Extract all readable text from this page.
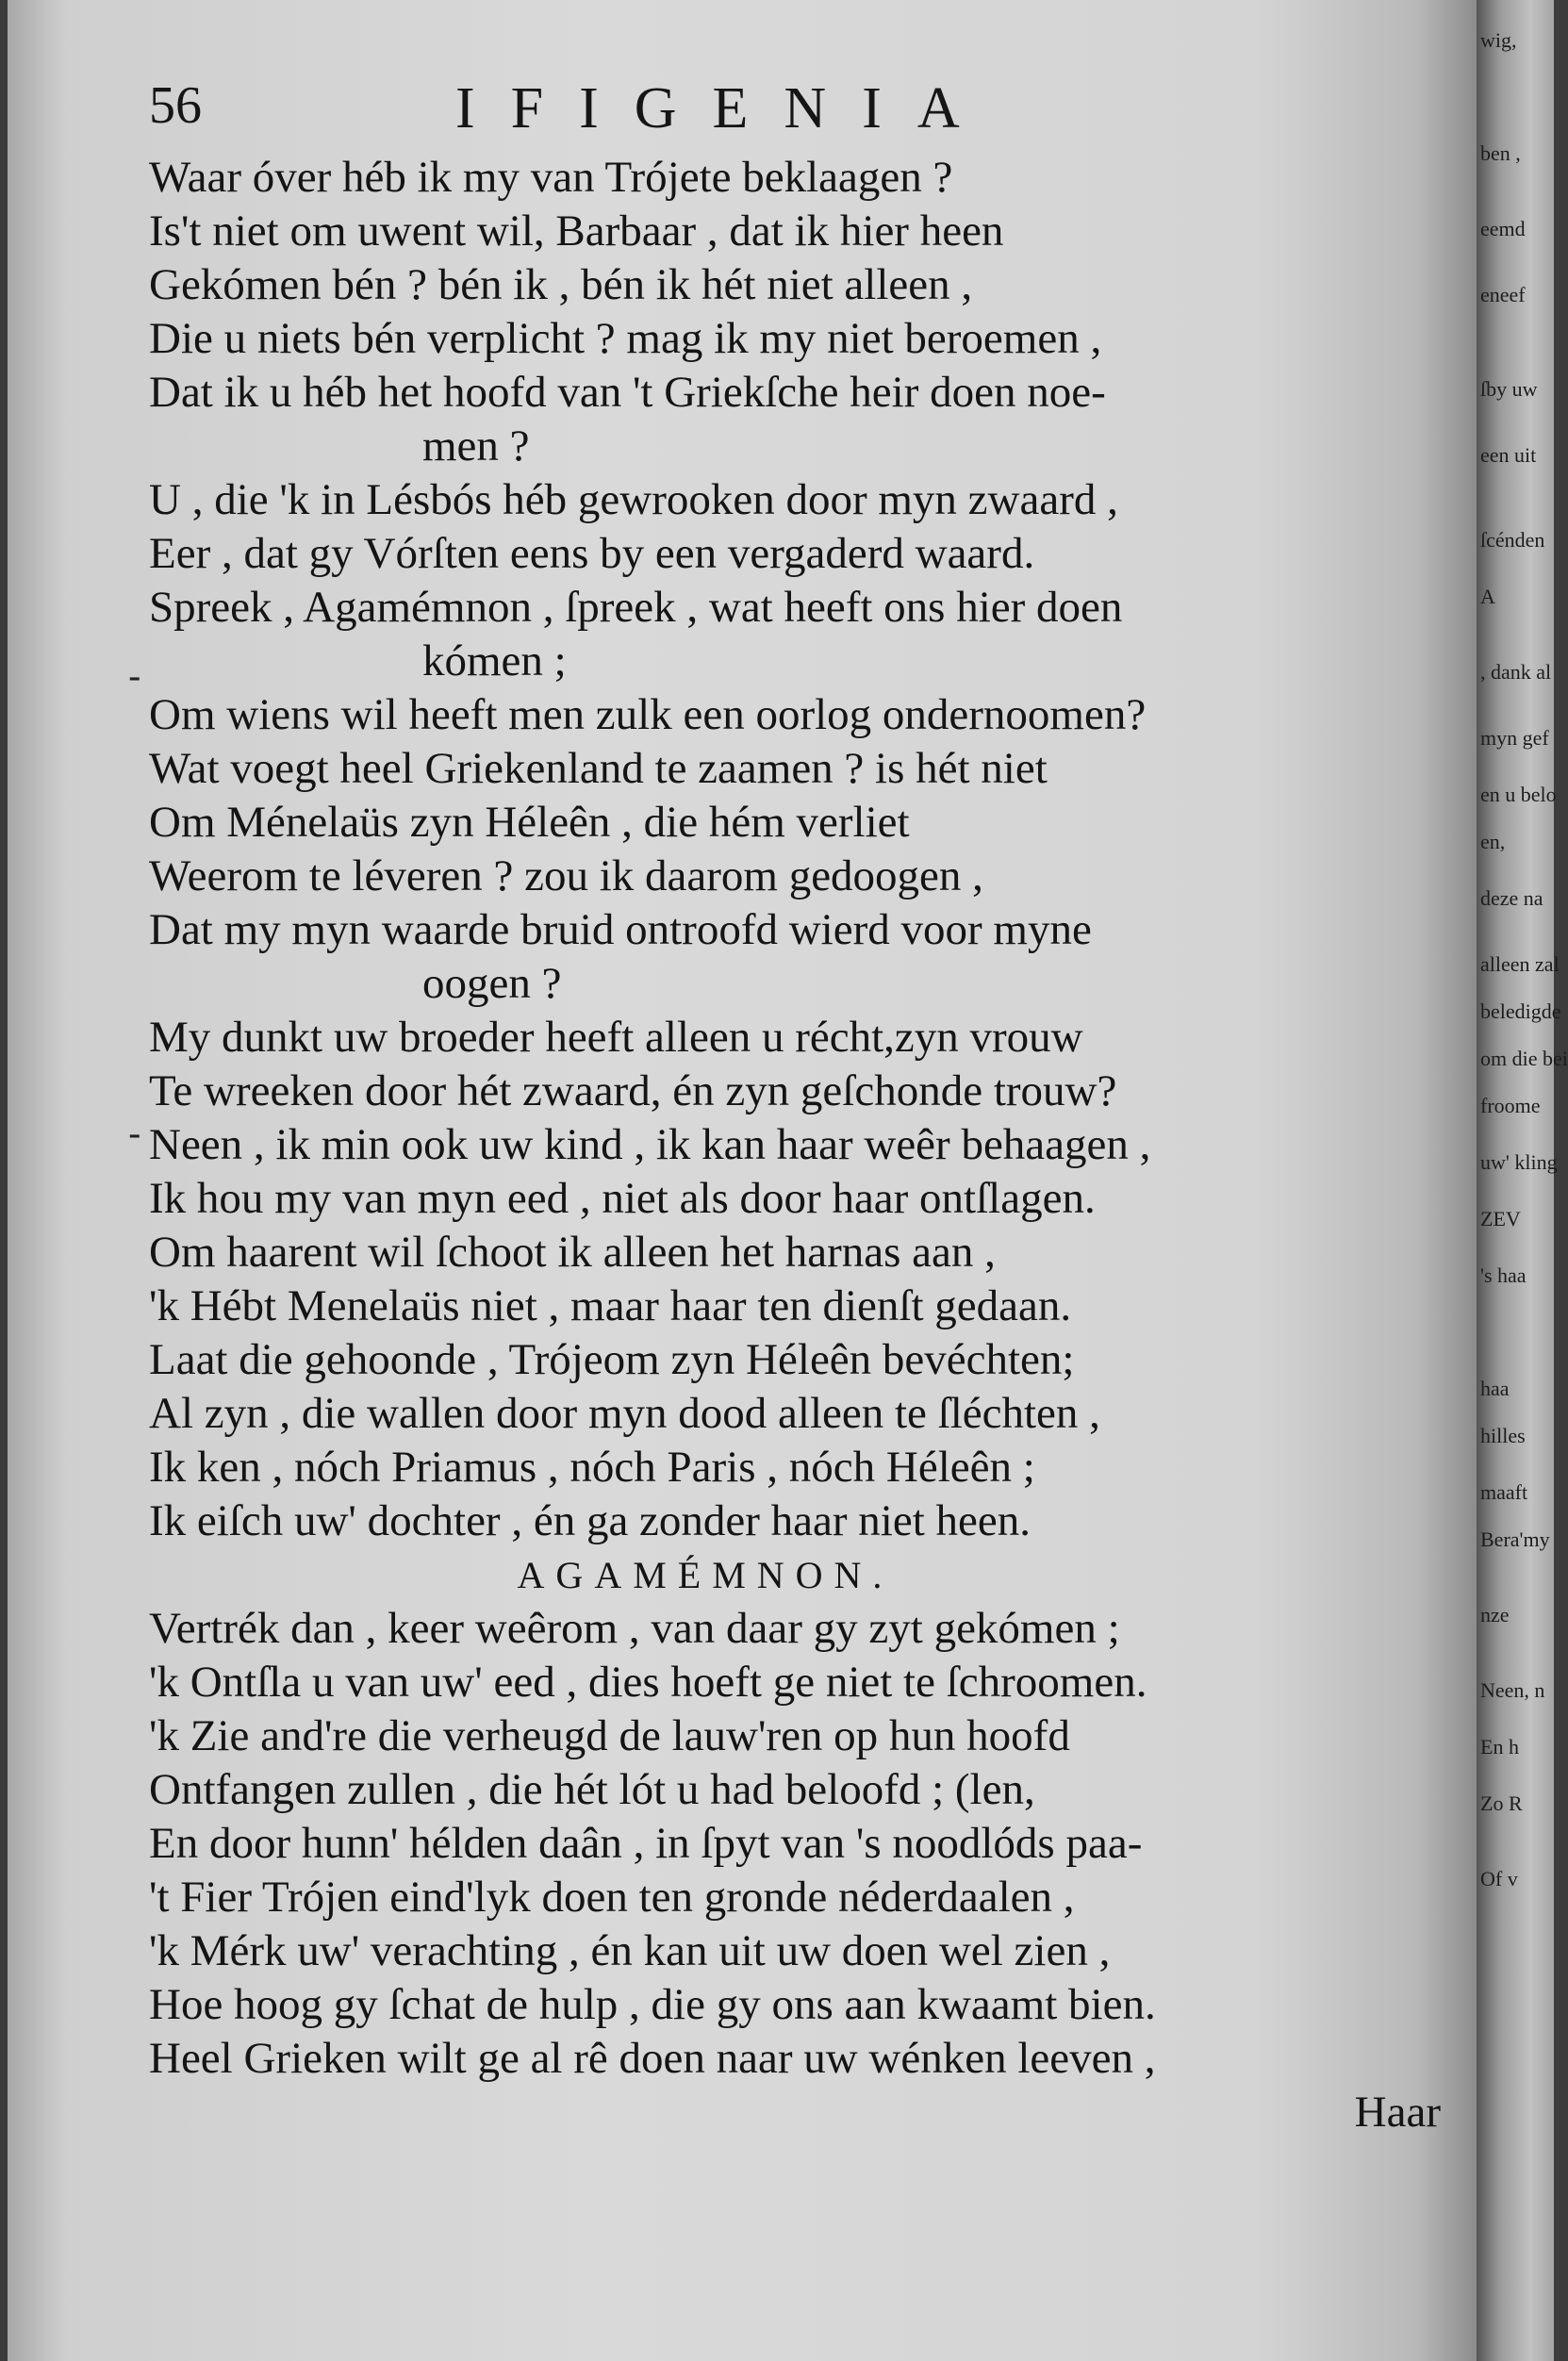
56	IFIGENIA
-
-
Waar óver héb ik my van Trójete beklaagen ?
Is't niet om uwent wil, Barbaar , dat ik hier heen
Gekómen bén ? bén ik , bén ik hét niet alleen ,
Die u niets bén verplicht ? mag ik my niet beroemen ,
Dat ik u héb het hoofd van 't Griekſche heir doen noe-
men ?
U , die 'k in Lésbós héb gewrooken door myn zwaard ,
Eer , dat gy Vórſten eens by een vergaderd waard.
Spreek , Agamémnon , ſpreek , wat heeft ons hier doen
kómen ;
Om wiens wil heeft men zulk een oorlog ondernoomen?
Wat voegt heel Griekenland te zaamen ? is hét niet
Om Ménelaüs zyn Héleên , die hém verliet
Weerom te léveren ? zou ik daarom gedoogen ,
Dat my myn waarde bruid ontroofd wierd voor myne
oogen ?
My dunkt uw broeder heeft alleen u récht,zyn vrouw
Te wreeken door hét zwaard, én zyn geſchonde trouw?
Neen , ik min ook uw kind , ik kan haar weêr behaagen ,
Ik hou my van myn eed , niet als door haar ontſlagen.
Om haarent wil ſchoot ik alleen het harnas aan ,
'k Hébt Menelaüs niet , maar haar ten dienſt gedaan.
Laat die gehoonde , Trójeom zyn Héleên bevéchten;
Al zyn , die wallen door myn dood alleen te ſléchten ,
Ik ken , nóch Priamus , nóch Paris , nóch Héleên ;
Ik eiſch uw' dochter , én ga zonder haar niet heen.
AGAMÉMNON.
Vertrék dan , keer weêrom , van daar gy zyt gekómen ;
'k Ontſla u van uw' eed , dies hoeft ge niet te ſchroomen.
'k Zie and're die verheugd de lauw'ren op hun hoofd
Ontfangen zullen , die hét lót u had beloofd ; (len,
En door hunn' hélden daân , in ſpyt van 's noodlóds paa-
't Fier Trójen eind'lyk doen ten gronde néderdaalen ,
'k Mérk uw' verachting , én kan uit uw doen wel zien ,
Hoe hoog gy ſchat de hulp , die gy ons aan kwaamt bien.
Heel Grieken wilt ge al rê doen naar uw wénken leeven ,
Haar
wig,
ben ,
eemd
eneef
ſby uw
een uit
ſcénden
A
, dank al
myn gef
en u belo
en,
deze na
alleen zal
beledigde
om die bei
froome
uw' kling
ZEV
's haa
haa
hilles
maaft
Bera'my
nze
Neen, n
En h
Zo R
Of v
